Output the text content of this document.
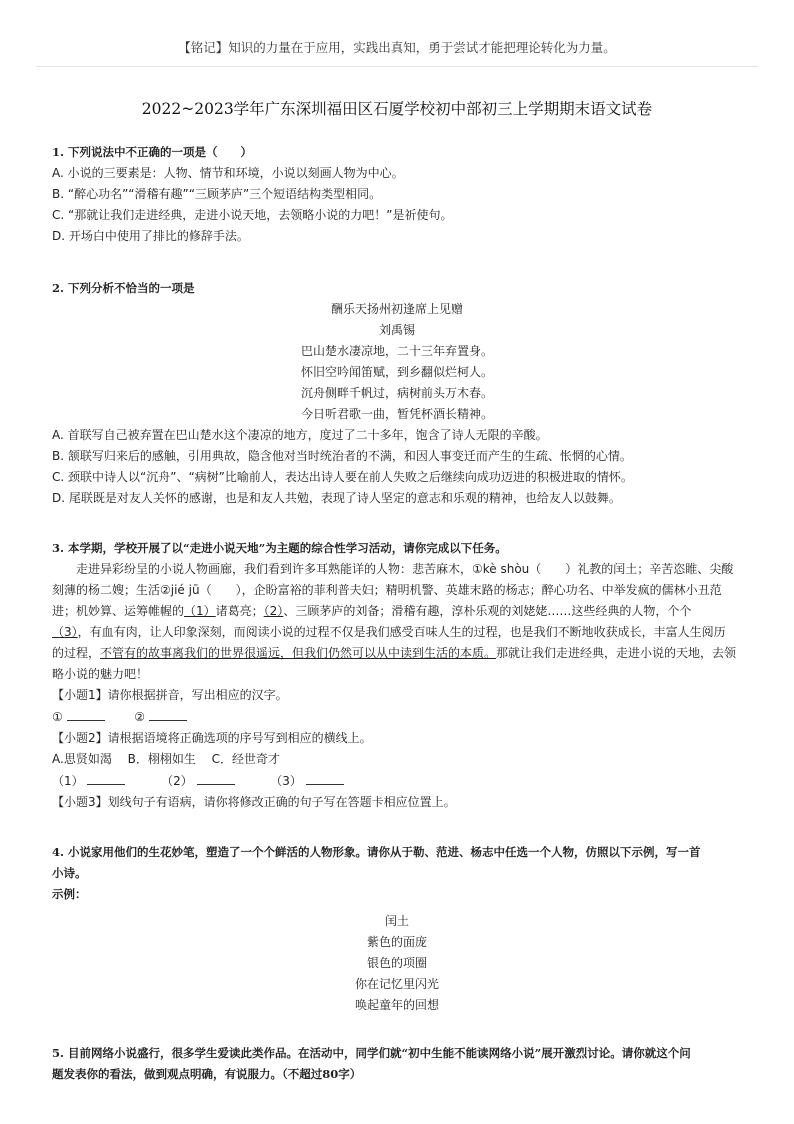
【铭记】知识的力量在于应用，实践出真知，勇于尝试才能把理论转化为力量。
2022~2023学年广东深圳福田区石厦学校初中部初三上学期期末语文试卷
1. 下列说法中不正确的一项是（　　）
A. 小说的三要素是：人物、情节和环境，小说以刻画人物为中心。
B. “醉心功名”“滑稽有趣”“三顾茅庐”三个短语结构类型相同。
C. “那就让我们走进经典，走进小说天地，去领略小说的力吧！”是祈使句。
D. 开场白中使用了排比的修辞手法。
2. 下列分析不恰当的一项是
酬乐天扬州初逢席上见赠
刘禹锡
巴山楚水凄凉地，二十三年弃置身。
怀旧空吟闻笛赋，到乡翻似烂柯人。
沉舟侧畔千帆过，病树前头万木春。
今日听君歌一曲，暂凭杯酒长精神。
A. 首联写自己被弃置在巴山楚水这个凄凉的地方，度过了二十多年，饱含了诗人无限的辛酸。
B. 颔联写归来后的感触，引用典故，隐含他对当时统治者的不满，和因人事变迁而产生的生疏、怅惘的心情。
C. 颈联中诗人以“沉舟”、“病树”比喻前人，表达出诗人要在前人失败之后继续向成功迈进的积极进取的情怀。
D. 尾联既是对友人关怀的感谢，也是和友人共勉，表现了诗人坚定的意志和乐观的精神，也给友人以鼓舞。
3. 本学期，学校开展了以“走进小说天地”为主题的综合性学习活动，请你完成以下任务。
走进异彩纷呈的小说人物画廊，我们看到许多耳熟能详的人物：悲苦麻木，①kè shòu（　　）礼教的闰土；辛苦恣睢、尖酸
刻薄的杨二嫂；生活②jié jū（　　），企盼富裕的菲利普夫妇；精明机警、英雄末路的杨志；醉心功名、中举发疯的儒林小丑范
进；机妙算、运筹帷幄的（1）诸葛亮；（2）、三顾茅庐的刘备；滑稽有趣，淳朴乐观的刘姥姥……这些经典的人物，个个
（3），有血有肉，让人印象深刻，而阅读小说的过程不仅是我们感受百味人生的过程，也是我们不断地收获成长，丰富人生阅历
的过程，不管有的故事离我们的世界很遥远，但我们仍然可以从中读到生活的本质。那就让我们走进经典，走进小说的天地，去领
略小说的魅力吧！
【小题1】请你根据拼音，写出相应的汉字。
①	②
【小题2】请根据语境将正确选项的序号写到相应的横线上。
A.思贤如渴　 B．栩栩如生　 C．经世奇才
（1）	（2）	（3）
【小题3】划线句子有语病，请你将修改正确的句子写在答题卡相应位置上。
4. 小说家用他们的生花妙笔，塑造了一个个鲜活的人物形象。请你从于勒、范进、杨志中任选一个人物，仿照以下示例，写一首
小诗。
示例：
闰土
紫色的面庞
银色的项圈
你在记忆里闪光
唤起童年的回想
5. 目前网络小说盛行，很多学生爱读此类作品。在活动中，同学们就“初中生能不能读网络小说”展开激烈讨论。请你就这个问
题发表你的看法，做到观点明确，有说服力。（不超过80字）
